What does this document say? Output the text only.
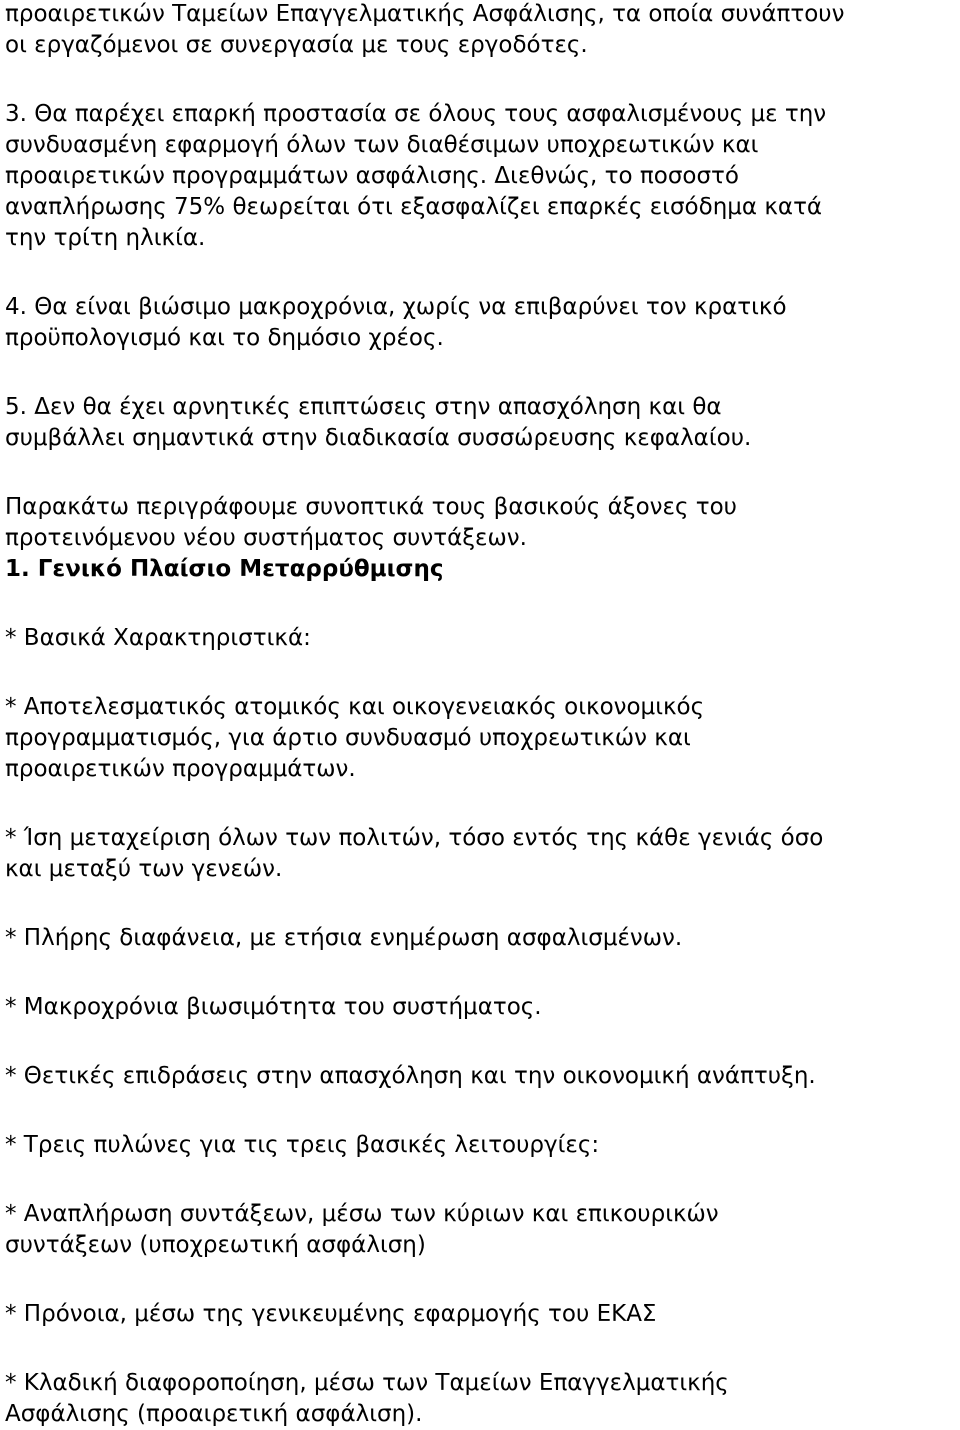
προαιρετικών Ταμείων Επαγγελματικής Ασφάλισης, τα οποία συνάπτουν
οι εργαζόμενοι σε συνεργασία με τους εργοδότες.

3. Θα παρέχει επαρκή προστασία σε όλους τους ασφαλισμένους με την
συνδυασμένη εφαρμογή όλων των διαθέσιμων υποχρεωτικών και
προαιρετικών προγραμμάτων ασφάλισης. Διεθνώς, το ποσοστό
αναπλήρωσης 75% θεωρείται ότι εξασφαλίζει επαρκές εισόδημα κατά
την τρίτη ηλικία.

4. Θα είναι βιώσιμο μακροχρόνια, χωρίς να επιβαρύνει τον κρατικό
προϋπολογισμό και το δημόσιο χρέος.

5. Δεν θα έχει αρνητικές επιπτώσεις στην απασχόληση και θα
συμβάλλει σημαντικά στην διαδικασία συσσώρευσης κεφαλαίου.

Παρακάτω περιγράφουμε συνοπτικά τους βασικούς άξονες του
προτεινόμενου νέου συστήματος συντάξεων.

1. Γενικό Πλαίσιο Μεταρρύθμισης

* Βασικά Χαρακτηριστικά:

* Αποτελεσματικός ατομικός και οικογενειακός οικονομικός
προγραμματισμός, για άρτιο συνδυασμό υποχρεωτικών και
προαιρετικών προγραμμάτων.

* Ίση μεταχείριση όλων των πολιτών, τόσο εντός της κάθε γενιάς όσο
και μεταξύ των γενεών.

* Πλήρης διαφάνεια, με ετήσια ενημέρωση ασφαλισμένων.

* Μακροχρόνια βιωσιμότητα του συστήματος.

* Θετικές επιδράσεις στην απασχόληση και την οικονομική ανάπτυξη.

* Τρεις πυλώνες για τις τρεις βασικές λειτουργίες:

* Αναπλήρωση συντάξεων, μέσω των κύριων και επικουρικών
συντάξεων (υποχρεωτική ασφάλιση)

* Πρόνοια, μέσω της γενικευμένης εφαρμογής του ΕΚΑΣ

* Κλαδική διαφοροποίηση, μέσω των Ταμείων Επαγγελματικής
Ασφάλισης (προαιρετική ασφάλιση).
